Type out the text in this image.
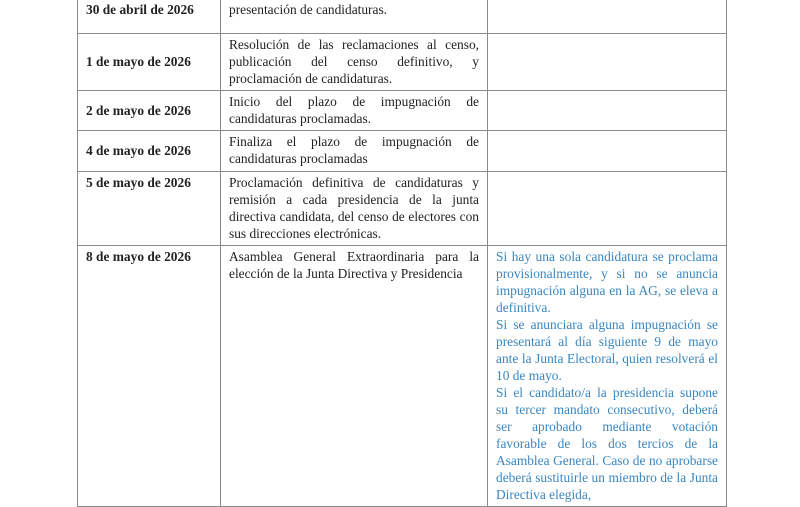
30 de abril de 2026	presentación de candidaturas.	

1 de mayo de 2026	Resolución de las reclamaciones al censo, publicación del censo definitivo, y proclamación de candidaturas.	

2 de mayo de 2026	Inicio del plazo de impugnación de candidaturas proclamadas.	

4 de mayo de 2026	Finaliza el plazo de impugnación de candidaturas proclamadas	

5 de mayo de 2026	Proclamación definitiva de candidaturas y remisión a cada presidencia de la junta directiva candidata, del censo de electores con sus direcciones electrónicas.	

8 de mayo de 2026	Asamblea General Extraordinaria para la elección de la Junta Directiva y Presidencia	Si hay una sola candidatura se proclama provisionalmente, y si no se anuncia impugnación alguna en la AG, se eleva a definitiva.

Si se anunciara alguna impugnación se presentará al día siguiente 9 de mayo ante la Junta Electoral, quien resolverá el 10 de mayo.

Si el candidato/a la presidencia supone su tercer mandato consecutivo, deberá ser aprobado mediante votación favorable de los dos tercios de la Asamblea General. Caso de no aprobarse deberá sustituirle un miembro de la Junta Directiva elegida,
